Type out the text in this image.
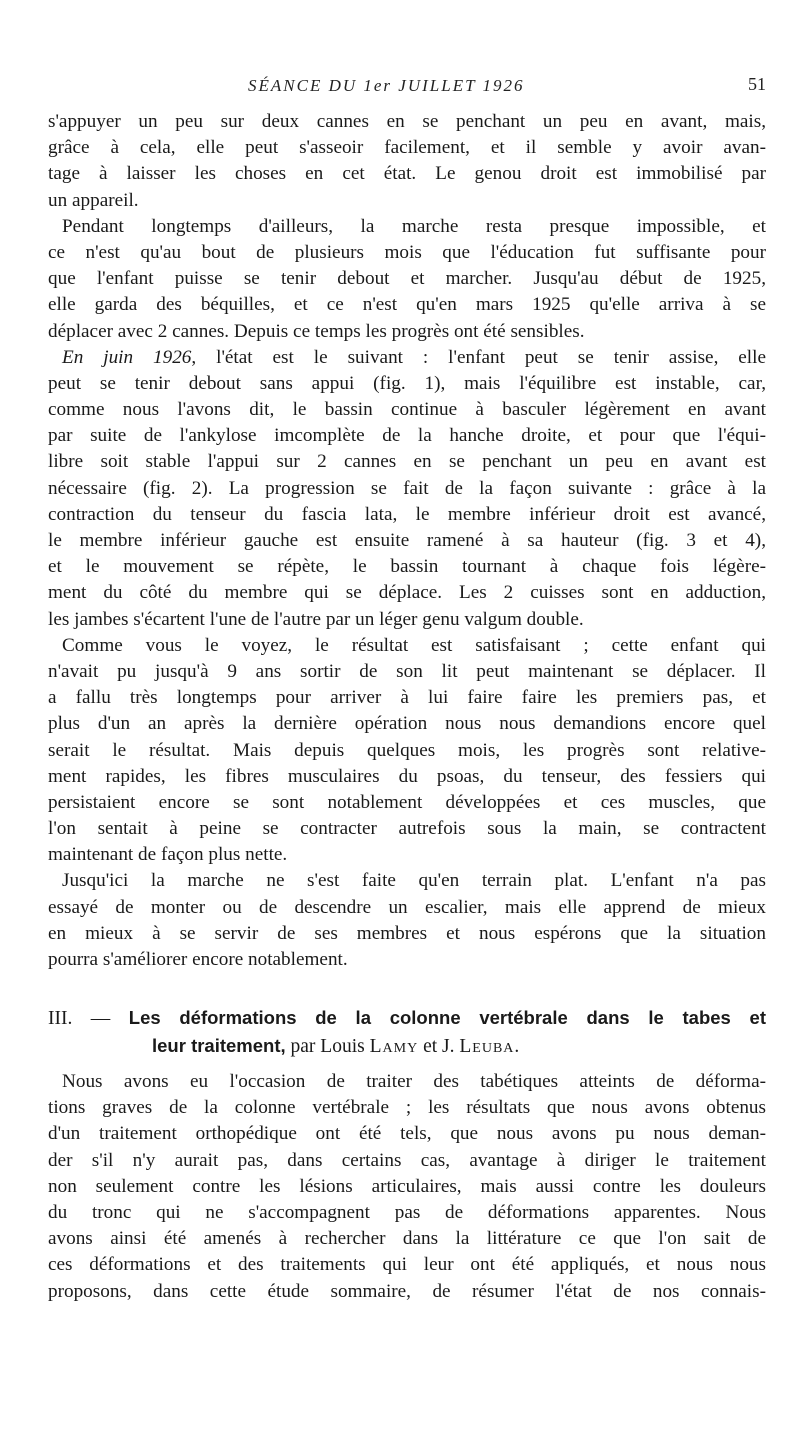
SÉANCE DU 1er JUILLET 1926	51
s'appuyer un peu sur deux cannes en se penchant un peu en avant, mais,
grâce à cela, elle peut s'asseoir facilement, et il semble y avoir avan-
tage à laisser les choses en cet état. Le genou droit est immobilisé par
un appareil.
Pendant longtemps d'ailleurs, la marche resta presque impossible, et
ce n'est qu'au bout de plusieurs mois que l'éducation fut suffisante pour
que l'enfant puisse se tenir debout et marcher. Jusqu'au début de 1925,
elle garda des béquilles, et ce n'est qu'en mars 1925 qu'elle arriva à se
déplacer avec 2 cannes. Depuis ce temps les progrès ont été sensibles.
En juin 1926, l'état est le suivant : l'enfant peut se tenir assise, elle
peut se tenir debout sans appui (fig. 1), mais l'équilibre est instable, car,
comme nous l'avons dit, le bassin continue à basculer légèrement en avant
par suite de l'ankylose imcomplète de la hanche droite, et pour que l'équi-
libre soit stable l'appui sur 2 cannes en se penchant un peu en avant est
nécessaire (fig. 2). La progression se fait de la façon suivante : grâce à la
contraction du tenseur du fascia lata, le membre inférieur droit est avancé,
le membre inférieur gauche est ensuite ramené à sa hauteur (fig. 3 et 4),
et le mouvement se répète, le bassin tournant à chaque fois légère-
ment du côté du membre qui se déplace. Les 2 cuisses sont en adduction,
les jambes s'écartent l'une de l'autre par un léger genu valgum double.
Comme vous le voyez, le résultat est satisfaisant ; cette enfant qui
n'avait pu jusqu'à 9 ans sortir de son lit peut maintenant se déplacer. Il
a fallu très longtemps pour arriver à lui faire faire les premiers pas, et
plus d'un an après la dernière opération nous nous demandions encore quel
serait le résultat. Mais depuis quelques mois, les progrès sont relative-
ment rapides, les fibres musculaires du psoas, du tenseur, des fessiers qui
persistaient encore se sont notablement développées et ces muscles, que
l'on sentait à peine se contracter autrefois sous la main, se contractent
maintenant de façon plus nette.
Jusqu'ici la marche ne s'est faite qu'en terrain plat. L'enfant n'a pas
essayé de monter ou de descendre un escalier, mais elle apprend de mieux
en mieux à se servir de ses membres et nous espérons que la situation
pourra s'améliorer encore notablement.
III. — Les déformations de la colonne vertébrale dans le tabes et
leur traitement, par Louis Lamy et J. Leuba.
Nous avons eu l'occasion de traiter des tabétiques atteints de déforma-
tions graves de la colonne vertébrale ; les résultats que nous avons obtenus
d'un traitement orthopédique ont été tels, que nous avons pu nous deman-
der s'il n'y aurait pas, dans certains cas, avantage à diriger le traitement
non seulement contre les lésions articulaires, mais aussi contre les douleurs
du tronc qui ne s'accompagnent pas de déformations apparentes. Nous
avons ainsi été amenés à rechercher dans la littérature ce que l'on sait de
ces déformations et des traitements qui leur ont été appliqués, et nous nous
proposons, dans cette étude sommaire, de résumer l'état de nos connais-
